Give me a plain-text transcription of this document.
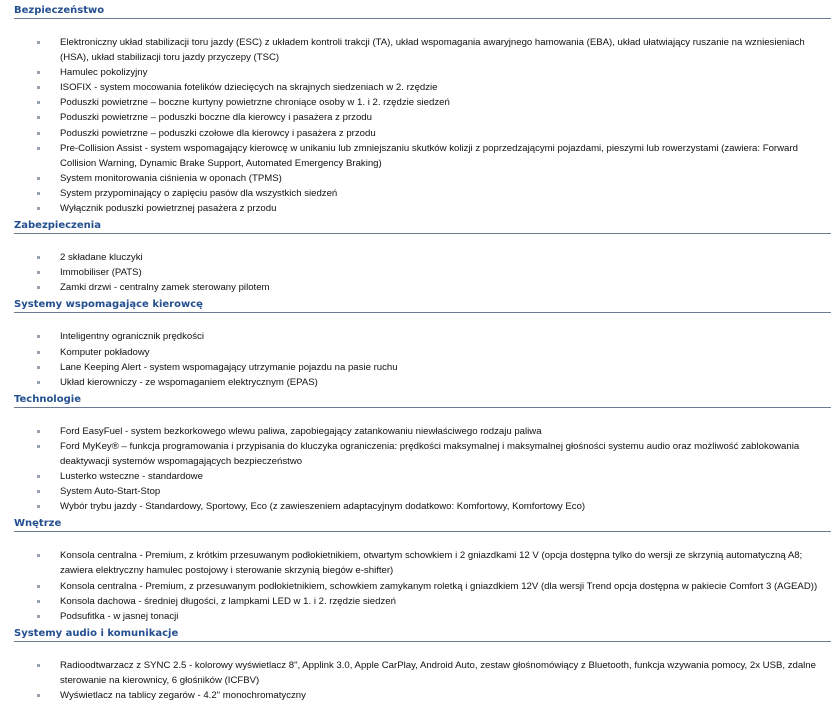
Bezpieczeństwo
Elektroniczny układ stabilizacji toru jazdy (ESC) z układem kontroli trakcji (TA), układ wspomagania awaryjnego hamowania (EBA), układ ułatwiający ruszanie na wzniesieniach (HSA), układ stabilizacji toru jazdy przyczepy (TSC)
Hamulec pokolizyjny
ISOFIX - system mocowania fotelików dziecięcych na skrajnych siedzeniach w 2. rzędzie
Poduszki powietrzne – boczne kurtyny powietrzne chroniące osoby w 1. i 2. rzędzie siedzeń
Poduszki powietrzne – poduszki boczne dla kierowcy i pasażera z przodu
Poduszki powietrzne – poduszki czołowe dla kierowcy i pasażera z przodu
Pre-Collision Assist - system wspomagający kierowcę w unikaniu lub zmniejszaniu skutków kolizji z poprzedzającymi pojazdami, pieszymi lub rowerzystami (zawiera: Forward Collision Warning, Dynamic Brake Support, Automated Emergency Braking)
System monitorowania ciśnienia w oponach (TPMS)
System przypominający o zapięciu pasów dla wszystkich siedzeń
Wyłącznik poduszki powietrznej pasażera z przodu
Zabezpieczenia
2 składane kluczyki
Immobiliser (PATS)
Zamki drzwi - centralny zamek sterowany pilotem
Systemy wspomagające kierowcę
Inteligentny ogranicznik prędkości
Komputer pokładowy
Lane Keeping Alert - system wspomagający utrzymanie pojazdu na pasie ruchu
Układ kierowniczy - ze wspomaganiem elektrycznym (EPAS)
Technologie
Ford EasyFuel - system bezkorkowego wlewu paliwa, zapobiegający zatankowaniu niewłaściwego rodzaju paliwa
Ford MyKey® – funkcja programowania i przypisania do kluczyka ograniczenia: prędkości maksymalnej i maksymalnej głośności systemu audio oraz możliwość zablokowania deaktywacji systemów wspomagających bezpieczeństwo
Lusterko wsteczne - standardowe
System Auto-Start-Stop
Wybór trybu jazdy - Standardowy, Sportowy, Eco (z zawieszeniem adaptacyjnym dodatkowo: Komfortowy, Komfortowy Eco)
Wnętrze
Konsola centralna - Premium, z krótkim przesuwanym podłokietnikiem, otwartym schowkiem i 2 gniazdkami 12 V (opcja dostępna tylko do wersji ze skrzynią automatyczną A8; zawiera elektryczny hamulec postojowy i sterowanie skrzynią biegów e-shifter)
Konsola centralna - Premium, z przesuwanym podłokietnikiem, schowkiem zamykanym roletką i gniazdkiem 12V (dla wersji Trend opcja dostępna w pakiecie Comfort 3 (AGEAD))
Konsola dachowa - średniej długości, z lampkami LED w 1. i 2. rzędzie siedzeń
Podsufitka - w jasnej tonacji
Systemy audio i komunikacje
Radioodtwarzacz z SYNC 2.5 - kolorowy wyświetlacz 8", Applink 3.0, Apple CarPlay, Android Auto, zestaw głośnomówiący z Bluetooth, funkcja wzywania pomocy, 2x USB, zdalne sterowanie na kierownicy, 6 głośników (ICFBV)
Wyświetlacz na tablicy zegarów - 4.2" monochromatyczny
